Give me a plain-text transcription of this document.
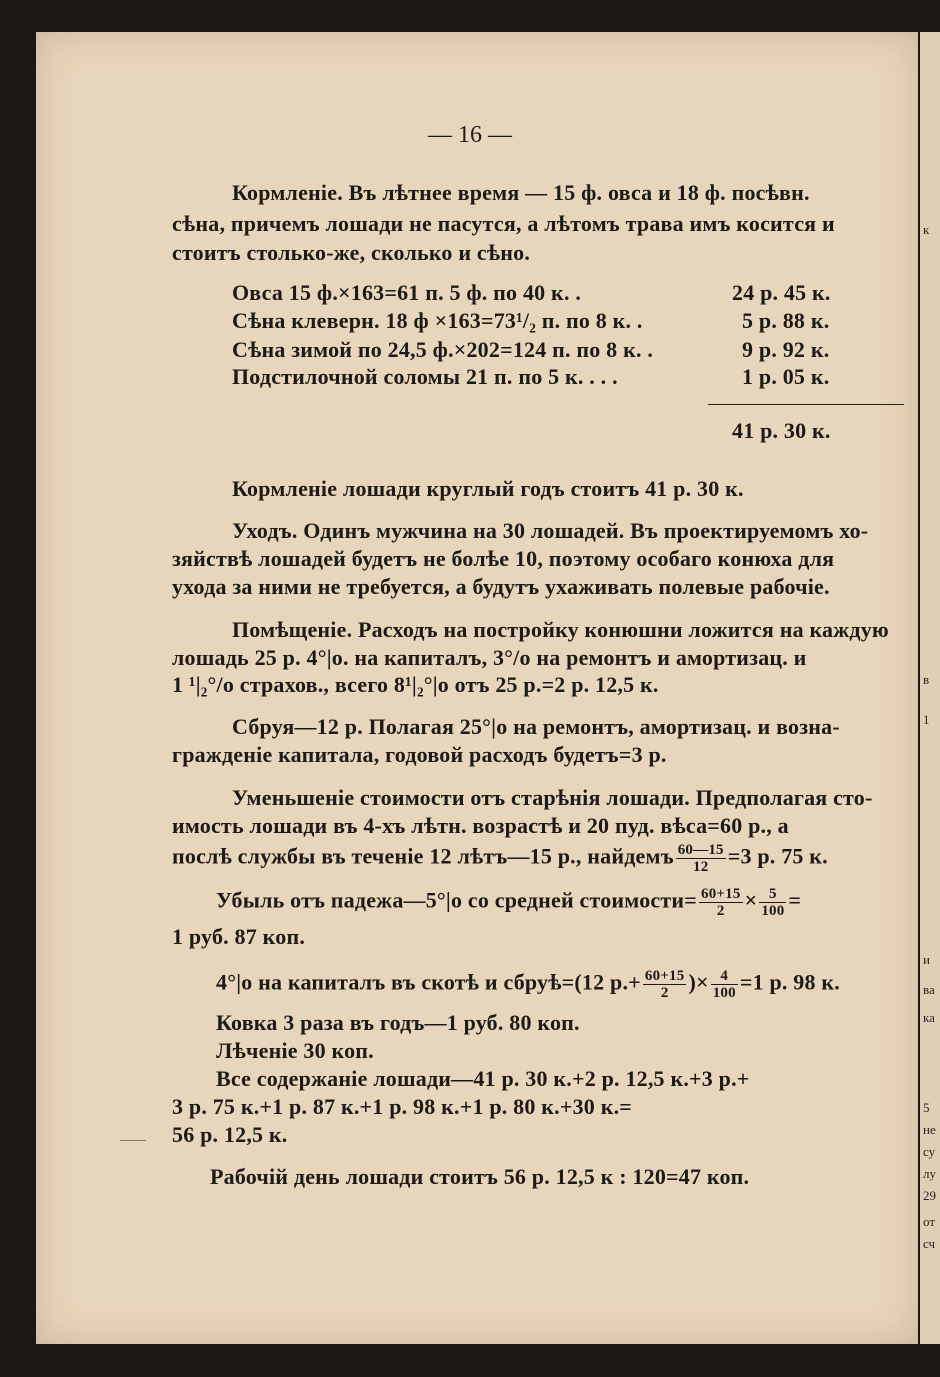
к
в
1
и
ва
ка
5
не
су
лу
29
от
сч
— 16 —
Кормленіе. Въ лѣтнее время — 15 ф. овса и 18 ф. посѣвн.
сѣна, причемъ лошади не пасутся, а лѣтомъ трава имъ косится и
стоитъ столько-же, сколько и сѣно.
Овса 15 ф.×163=61 п. 5 ф. по 40 к. .	24 р. 45 к.
Сѣна клеверн. 18 ф ×163=73¹/₂ п. по 8 к. .	5 р. 88 к.
Сѣна зимой по 24,5 ф.×202=124 п. по 8 к. .	9 р. 92 к.
Подстилочной соломы 21 п. по 5 к. . . .	1 р. 05 к.
41 р. 30 к.
Кормленіе лошади круглый годъ стоитъ 41 р. 30 к.
Уходъ. Одинъ мужчина на 30 лошадей. Въ проектируемомъ хо-
зяйствѣ лошадей будетъ не болѣе 10, поэтому особаго конюха для
ухода за ними не требуется, а будутъ ухаживать полевые рабочіе.
Помѣщеніе. Расходъ на постройку конюшни ложится на каждую
лошадь 25 р. 4°|о. на капиталъ, 3°/о на ремонтъ и амортизац. и
1 ¹|₂°/о страхов., всего 8¹|₂°|о отъ 25 р.=2 р. 12,5 к.
Сбруя—12 р. Полагая 25°|о на ремонтъ, амортизац. и возна-
гражденіе капитала, годовой расходъ будетъ=3 р.
Уменьшеніе стоимости отъ старѣнія лошади. Предполагая сто-
имость лошади въ 4-хъ лѣтн. возрастѣ и 20 пуд. вѣса=60 р., а
послѣ службы въ теченіе 12 лѣтъ—15 р., найдемъ $\frac{60—15}{12} =3$ р. 75 к.
Убыль отъ падежа—5°|о со средней стоимости= $\frac{60+15}{2} \times \frac{5}{100}$ =
1 руб. 87 коп.
4°|о на капиталъ въ скотѣ и сбруѣ=(12 $р.+ \frac{60+15}{2}$ )× $\frac{4}{100} =1$ р. 98 к.
Ковка 3 раза въ годъ—1 руб. 80 коп.
Лѣченіе 30 коп.
Все содержаніе лошади—41 р. 30 к.+2 р. 12,5 к.+3 р.+
3 р. 75 к.+1 р. 87 к.+1 р. 98 к.+1 р. 80 к.+30 к.=
56 р. 12,5 к.
Рабочій день лошади стоитъ 56 р. 12,5 к : 120=47 коп.
